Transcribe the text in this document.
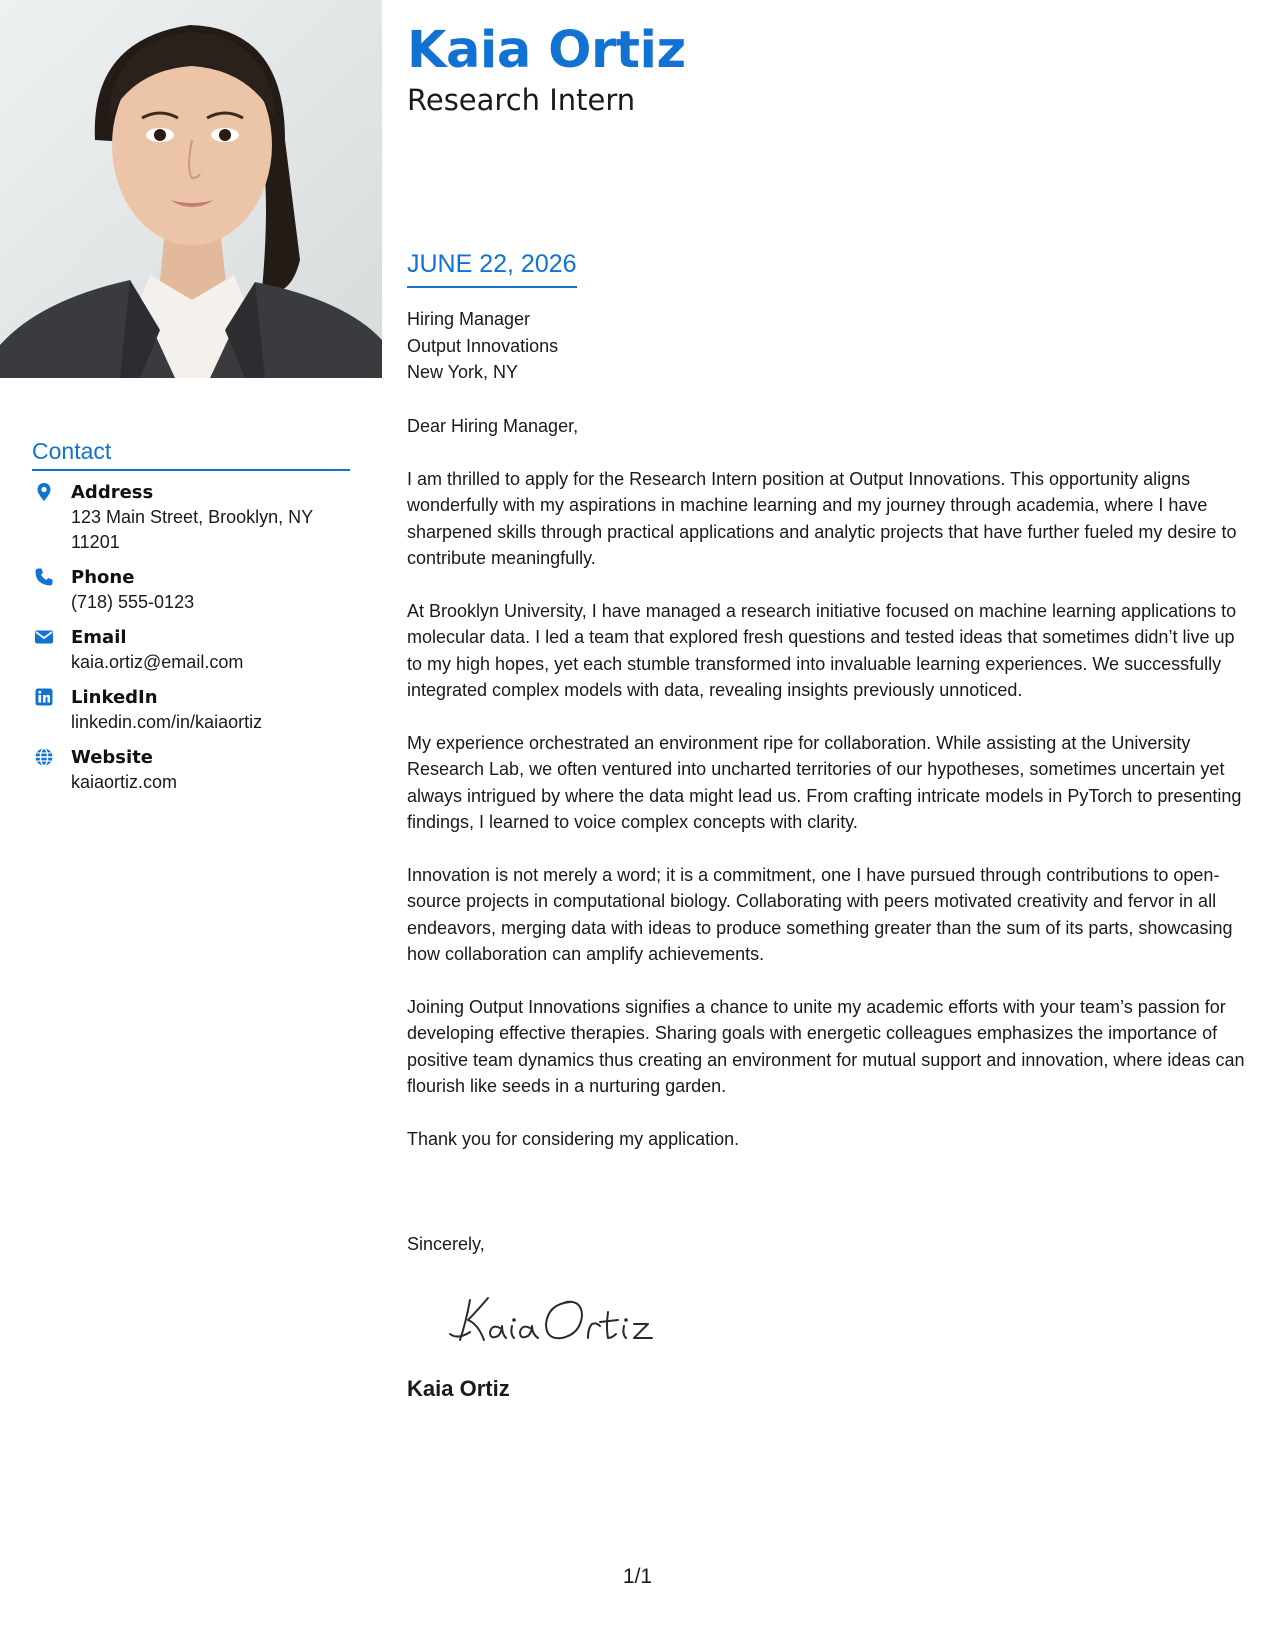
Kaia Ortiz
Research Intern
JUNE 22, 2026
Hiring Manager
Output Innovations
New York, NY
Contact
Address
123 Main Street, Brooklyn, NY 11201
Phone
(718) 555-0123
Email
kaia.ortiz@email.com
LinkedIn
linkedin.com/in/kaiaortiz
Website
kaiaortiz.com

Dear Hiring Manager,

I am thrilled to apply for the Research Intern position at Output Innovations. This opportunity aligns wonderfully with my aspirations in machine learning and my journey through academia, where I have sharpened skills through practical applications and analytic projects that have further fueled my desire to contribute meaningfully.

At Brooklyn University, I have managed a research initiative focused on machine learning applications to molecular data. I led a team that explored fresh questions and tested ideas that sometimes didn’t live up to my high hopes, yet each stumble transformed into invaluable learning experiences. We successfully integrated complex models with data, revealing insights previously unnoticed.

My experience orchestrated an environment ripe for collaboration. While assisting at the University Research Lab, we often ventured into uncharted territories of our hypotheses, sometimes uncertain yet always intrigued by where the data might lead us. From crafting intricate models in PyTorch to presenting findings, I learned to voice complex concepts with clarity.

Innovation is not merely a word; it is a commitment, one I have pursued through contributions to open-source projects in computational biology. Collaborating with peers motivated creativity and fervor in all endeavors, merging data with ideas to produce something greater than the sum of its parts, showcasing how collaboration can amplify achievements.

Joining Output Innovations signifies a chance to unite my academic efforts with your team’s passion for developing effective therapies. Sharing goals with energetic colleagues emphasizes the importance of positive team dynamics thus creating an environment for mutual support and innovation, where ideas can flourish like seeds in a nurturing garden.

Thank you for considering my application.

Sincerely,
Kaia Ortiz
1/1
